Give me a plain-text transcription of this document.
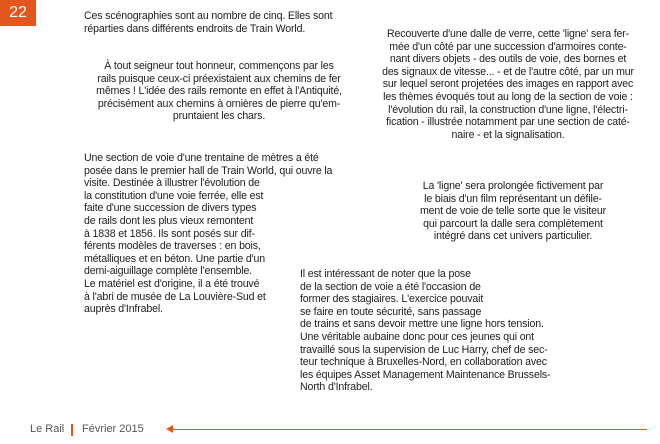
22	Ces scénographies sont au nombre de cinq. Elles sont
réparties dans différents endroits de Train World.

À tout seigneur tout honneur, commençons par les
rails puisque ceux-ci préexistaient aux chemins de fer
mêmes ! L'idée des rails remonte en effet à l'Antiquité,
précisément aux chemins à ornières de pierre qu'em-
pruntaient les chars.

Une section de voie d'une trentaine de mètres a été
posée dans le premier hall de Train World, qui ouvre la
visite. Destinée à illustrer l'évolution de
la constitution d'une voie ferrée, elle est
faite d'une succession de divers types
de rails dont les plus vieux remontent
à 1838 et 1856. Ils sont posés sur dif-
férents modèles de traverses : en bois,
métalliques et en béton. Une partie d'un
demi-aiguillage complète l'ensemble.
Le matériel est d'origine, il a été trouvé
à l'abri de musée de La Louvière-Sud et
auprès d'Infrabel.

Recouverte d'une dalle de verre, cette 'ligne' sera fer-
mée d'un côté par une succession d'armoires conte-
nant divers objets - des outils de voie, des bornes et
des signaux de vitesse... - et de l'autre côté, par un mur
sur lequel seront projetées des images en rapport avec
les thèmes évoqués tout au long de la section de voie :
l'évolution du rail, la construction d'une ligne, l'électri-
fication - illustrée notamment par une section de caté-
naire - et la signalisation.

La 'ligne' sera prolongée fictivement par
le biais d'un film représentant un défile-
ment de voie de telle sorte que le visiteur
qui parcourt la dalle sera complètement
intégré dans cet univers particulier.

Il est intéressant de noter que la pose
de la section de voie a été l'occasion de
former des stagiaires. L'exercice pouvait
se faire en toute sécurité, sans passage
de trains et sans devoir mettre une ligne hors tension.
Une véritable aubaine donc pour ces jeunes qui ont
travaillé sous la supervision de Luc Harry, chef de sec-
teur technique à Bruxelles-Nord, en collaboration avec
les équipes Asset Management Maintenance Brussels-
North d'Infrabel.

Le Rail Février 2015
